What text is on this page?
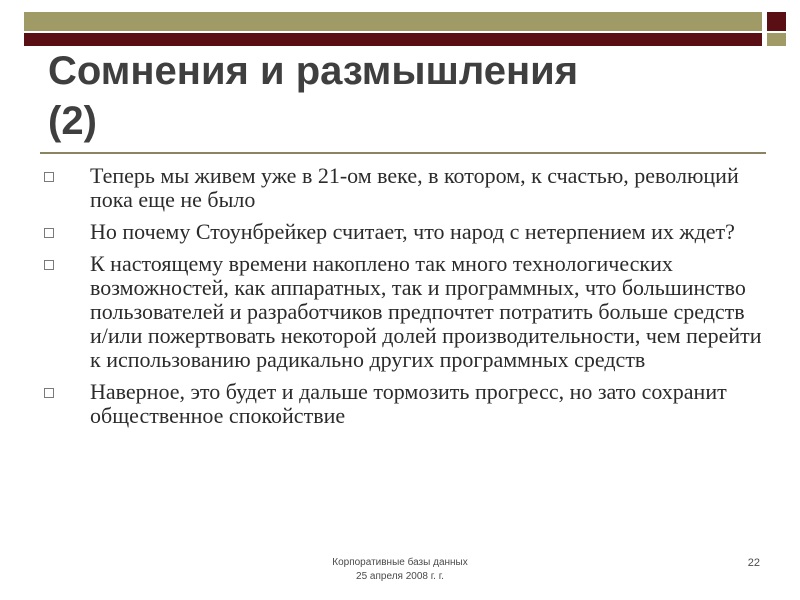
Сомнения и размышления
(2)
Теперь мы живем уже в 21-ом веке, в котором, к счастью, революций пока еще не было
Но почему Стоунбрейкер считает, что народ с нетерпением их ждет?
К настоящему времени накоплено так много технологических возможностей, как аппаратных, так и программных, что большинство пользователей и разработчиков предпочтет потратить больше средств и/или пожертвовать некоторой долей производительности, чем перейти к использованию радикально других программных средств
Наверное, это будет и дальше тормозить прогресс, но зато сохранит общественное спокойствие
Корпоративные базы данных
25 апреля 2008 г. г.
22
